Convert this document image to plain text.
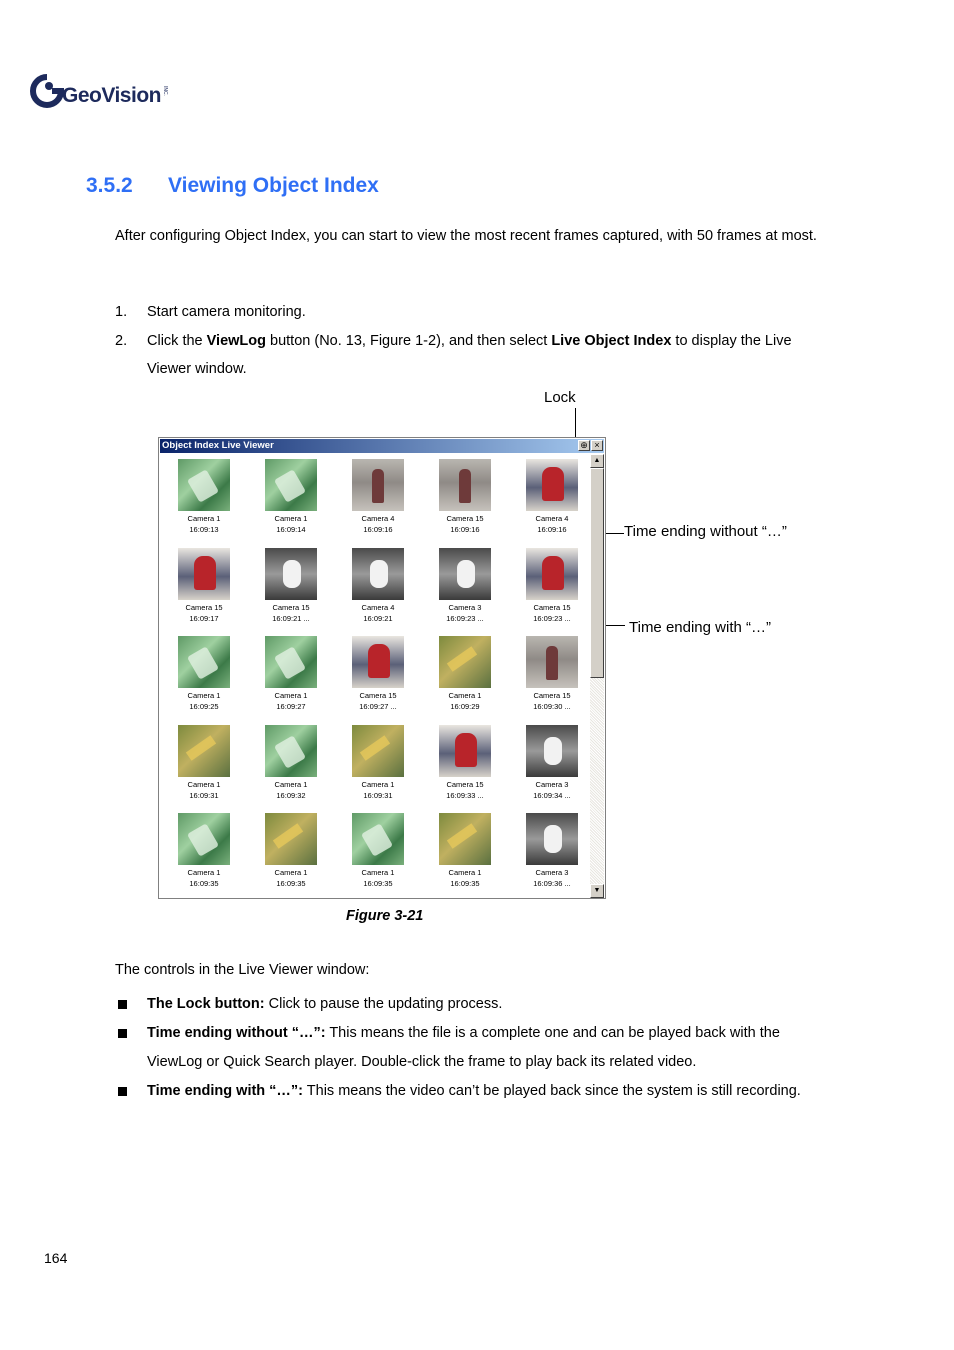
GeoVision INC.
3.5.2 Viewing Object Index
After configuring Object Index, you can start to view the most recent frames captured, with 50 frames at most.
1. Start camera monitoring.
2. Click the ViewLog button (No. 13, Figure 1-2), and then select Live Object Index to display the Live Viewer window.
Lock
Time ending without “…”
Time ending with “…”
Object Index Live Viewer	⊕ ×
Camera 1
16:09:13
Camera 1
16:09:14
Camera 4
16:09:16
Camera 15
16:09:16
Camera 4
16:09:16
Camera 15
16:09:17
Camera 15
16:09:21 ...
Camera 4
16:09:21
Camera 3
16:09:23 ...
Camera 15
16:09:23 ...
Camera 1
16:09:25
Camera 1
16:09:27
Camera 15
16:09:27 ...
Camera 1
16:09:29
Camera 15
16:09:30 ...
Camera 1
16:09:31
Camera 1
16:09:32
Camera 1
16:09:31
Camera 15
16:09:33 ...
Camera 3
16:09:34 ...
Camera 1
16:09:35
Camera 1
16:09:35
Camera 1
16:09:35
Camera 1
16:09:35
Camera 3
16:09:36 ...
▲
▼
Figure 3-21
The controls in the Live Viewer window:
The Lock button: Click to pause the updating process.
Time ending without “…”: This means the file is a complete one and can be played back with the ViewLog or Quick Search player. Double-click the frame to play back its related video.
Time ending with “…”: This means the video can’t be played back since the system is still recording.
164
